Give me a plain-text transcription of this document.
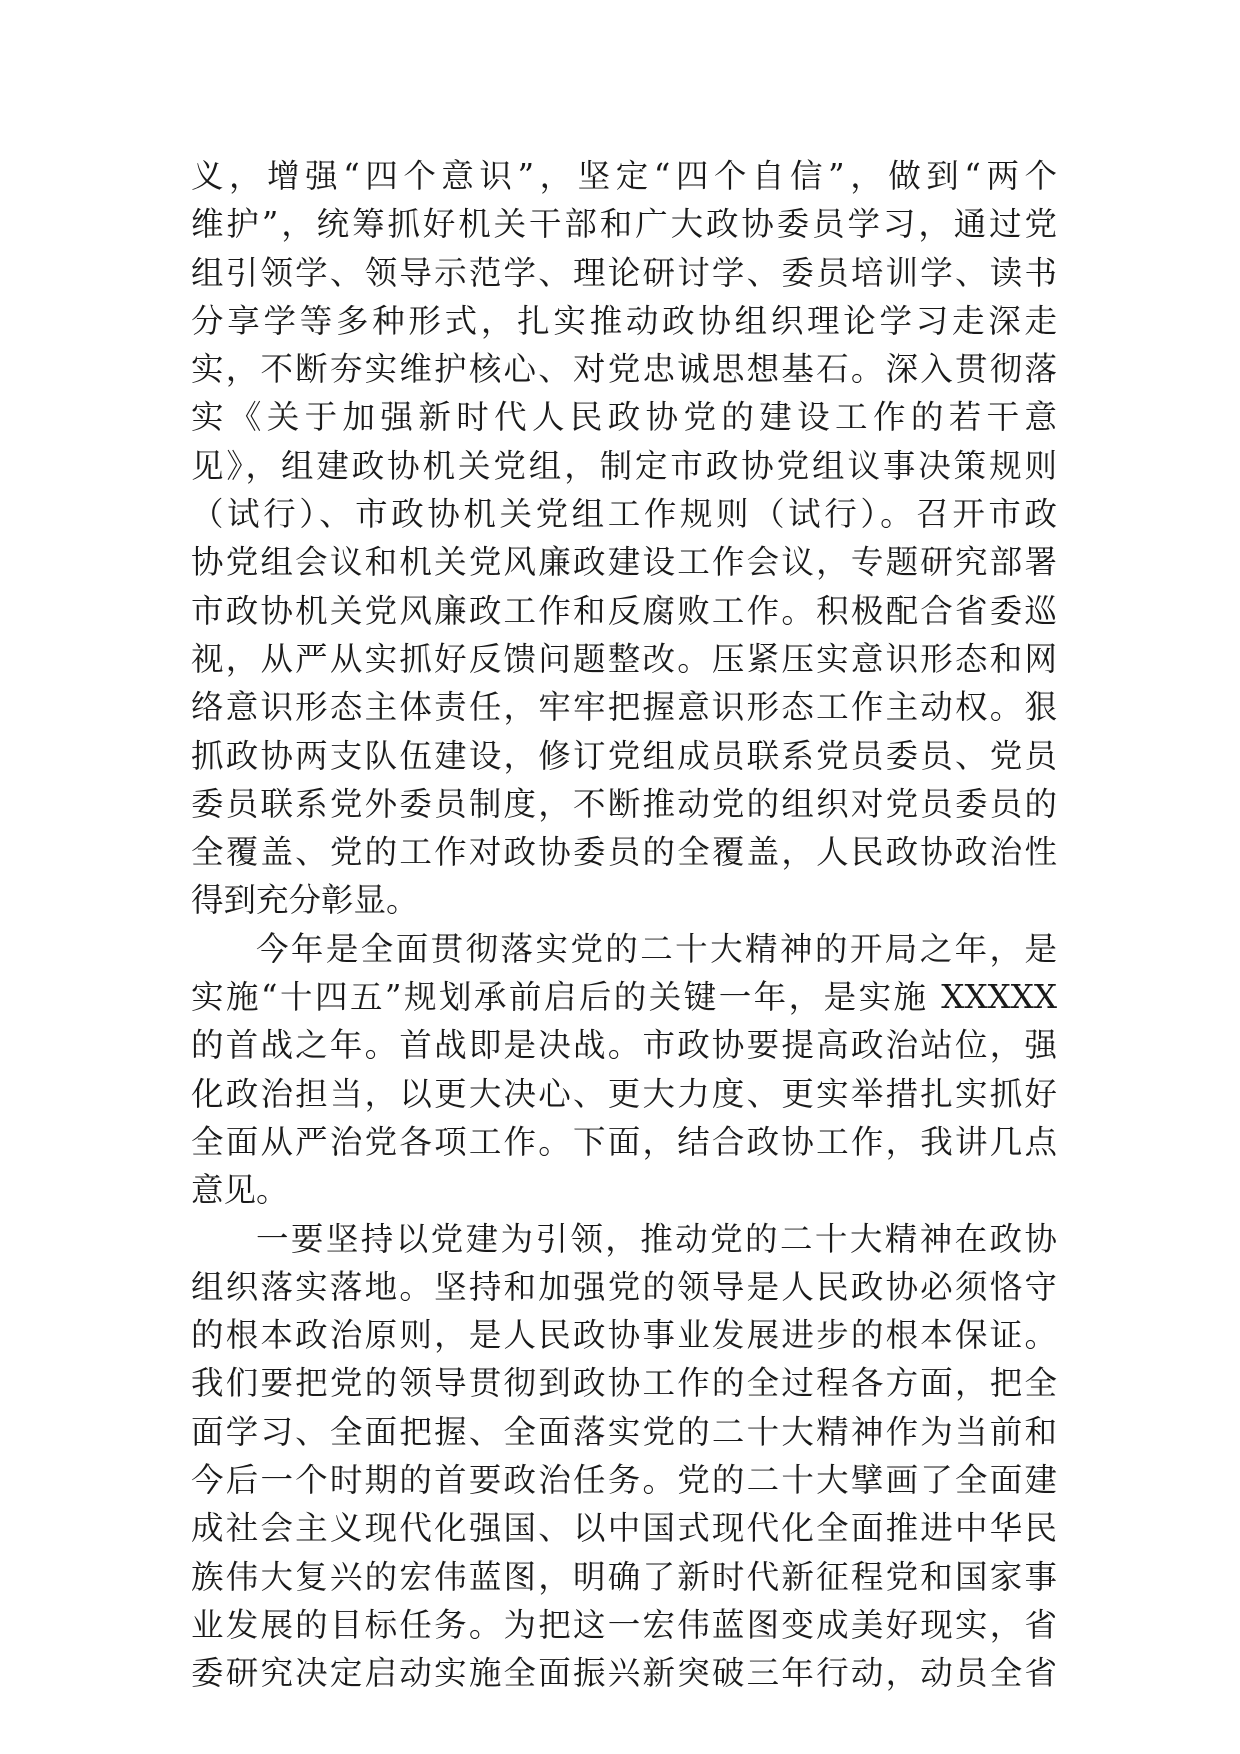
义，增强“四个意识”，坚定“四个自信”，做到“两个
维护”，统筹抓好机关干部和广大政协委员学习，通过党
组引领学、领导示范学、理论研讨学、委员培训学、读书
分享学等多种形式，扎实推动政协组织理论学习走深走
实，不断夯实维护核心、对党忠诚思想基石。深入贯彻落
实《关于加强新时代人民政协党的建设工作的若干意
见》，组建政协机关党组，制定市政协党组议事决策规则
（试行）、市政协机关党组工作规则（试行）。召开市政
协党组会议和机关党风廉政建设工作会议，专题研究部署
市政协机关党风廉政工作和反腐败工作。积极配合省委巡
视，从严从实抓好反馈问题整改。压紧压实意识形态和网
络意识形态主体责任，牢牢把握意识形态工作主动权。狠
抓政协两支队伍建设，修订党组成员联系党员委员、党员
委员联系党外委员制度，不断推动党的组织对党员委员的
全覆盖、党的工作对政协委员的全覆盖，人民政协政治性
得到充分彰显。
今年是全面贯彻落实党的二十大精神的开局之年，是
实施“十四五”规划承前启后的关键一年，是实施 XXXXX
的首战之年。首战即是决战。市政协要提高政治站位，强
化政治担当，以更大决心、更大力度、更实举措扎实抓好
全面从严治党各项工作。下面，结合政协工作，我讲几点
意见。
一要坚持以党建为引领，推动党的二十大精神在政协
组织落实落地。坚持和加强党的领导是人民政协必须恪守
的根本政治原则，是人民政协事业发展进步的根本保证。
我们要把党的领导贯彻到政协工作的全过程各方面，把全
面学习、全面把握、全面落实党的二十大精神作为当前和
今后一个时期的首要政治任务。党的二十大擘画了全面建
成社会主义现代化强国、以中国式现代化全面推进中华民
族伟大复兴的宏伟蓝图，明确了新时代新征程党和国家事
业发展的目标任务。为把这一宏伟蓝图变成美好现实，省
委研究决定启动实施全面振兴新突破三年行动，动员全省
